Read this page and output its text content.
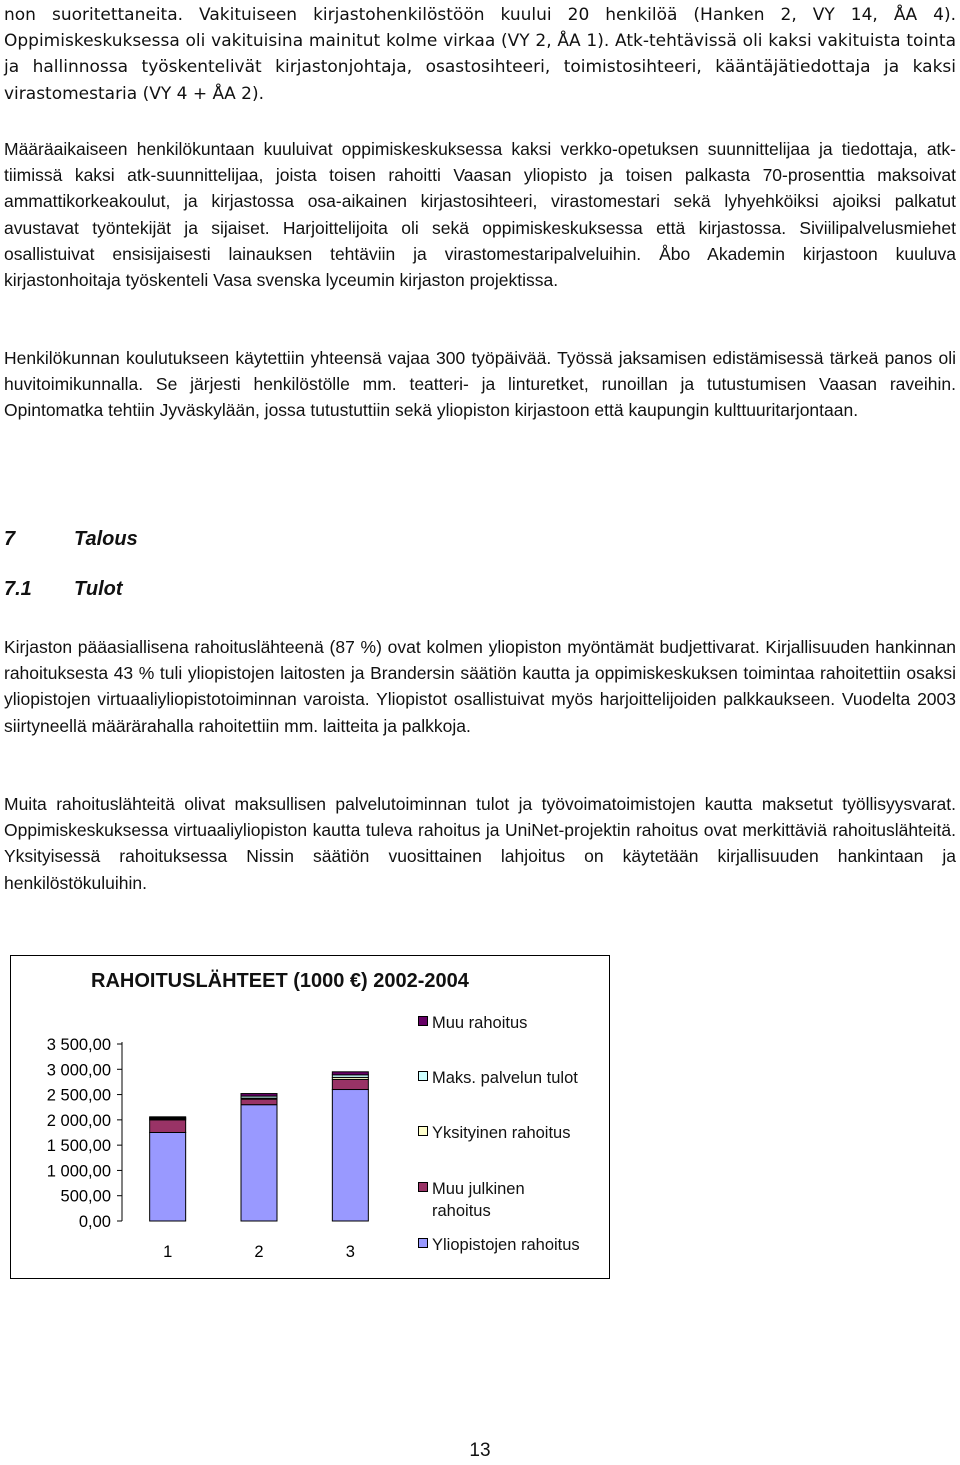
non suoritettaneita. Vakituiseen kirjastohenkilöstöön kuului 20 henkilöä (Hanken 2, VY 14, ÅA 4). Oppimiskeskuksessa oli vakituisina mainitut kolme virkaa (VY 2, ÅA 1). Atk-tehtävissä oli kaksi vakituista tointa ja hallinnossa työskentelivät kirjastonjohtaja, osastosihteeri, toimistosihteeri, kääntäjätiedottaja ja kaksi virastomestaria (VY 4 + ÅA 2).

Määräaikaiseen henkilökuntaan kuuluivat oppimiskeskuksessa kaksi verkko-opetuksen suunnittelijaa ja tiedottaja, atk-tiimissä kaksi atk-suunnittelijaa, joista toisen rahoitti Vaasan yliopisto ja toisen palkasta 70-prosenttia maksoivat ammattikorkeakoulut, ja kirjastossa osa-aikainen kirjastosihteeri, virastomestari sekä lyhyehköiksi ajoiksi palkatut avustavat työntekijät ja sijaiset. Harjoittelijoita oli sekä oppimiskeskuksessa että kirjastossa. Siviilipalvelusmiehet osallistuivat ensisijaisesti lainauksen tehtäviin ja virastomestaripalveluihin. Åbo Akademin kirjastoon kuuluva kirjastonhoitaja työskenteli Vasa svenska lyceumin kirjaston projektissa.

Henkilökunnan koulutukseen käytettiin yhteensä vajaa 300 työpäivää. Työssä jaksamisen edistämisessä tärkeä panos oli huvitoimikunnalla. Se järjesti henkilöstölle mm. teatteri- ja linturetket, runoillan ja tutustumisen Vaasan raveihin. Opintomatka tehtiin Jyväskylään, jossa tutustuttiin sekä yliopiston kirjastoon että kaupungin kulttuuritarjontaan.

7	Talous
7.1 Tulot

Kirjaston pääasiallisena rahoituslähteenä (87 %) ovat kolmen yliopiston myöntämät budjettivarat. Kirjallisuuden hankinnan rahoituksesta 43 % tuli yliopistojen laitosten ja Brandersin säätiön kautta ja oppimiskeskuksen toimintaa rahoitettiin osaksi yliopistojen virtuaaliyliopistotoiminnan varoista. Yliopistot osallistuivat myös harjoittelijoiden palkkaukseen. Vuodelta 2003 siirtyneellä määrärahalla rahoitettiin mm. laitteita ja palkkoja.

Muita rahoituslähteitä olivat maksullisen palvelutoiminnan tulot ja työvoimatoimistojen kautta maksetut työllisyysvarat. Oppimiskeskuksessa virtuaaliyliopiston kautta tuleva rahoitus ja UniNet-projektin rahoitus ovat merkittäviä rahoituslähteitä. Yksityisessä rahoituksessa Nissin säätiön vuosittainen lahjoitus on käytetään kirjallisuuden hankintaan ja henkilöstökuluihin.

RAHOITUSLÄHTEET (1000 €) 2002-2004
0,00
500,00
1 000,00
1 500,00
2 000,00
2 500,00
3 000,00
3 500,00
1	2	3
Muu rahoitus
Maks. palvelun tulot
Yksityinen rahoitus
Muu julkinen
rahoitus
Yliopistojen rahoitus
13
